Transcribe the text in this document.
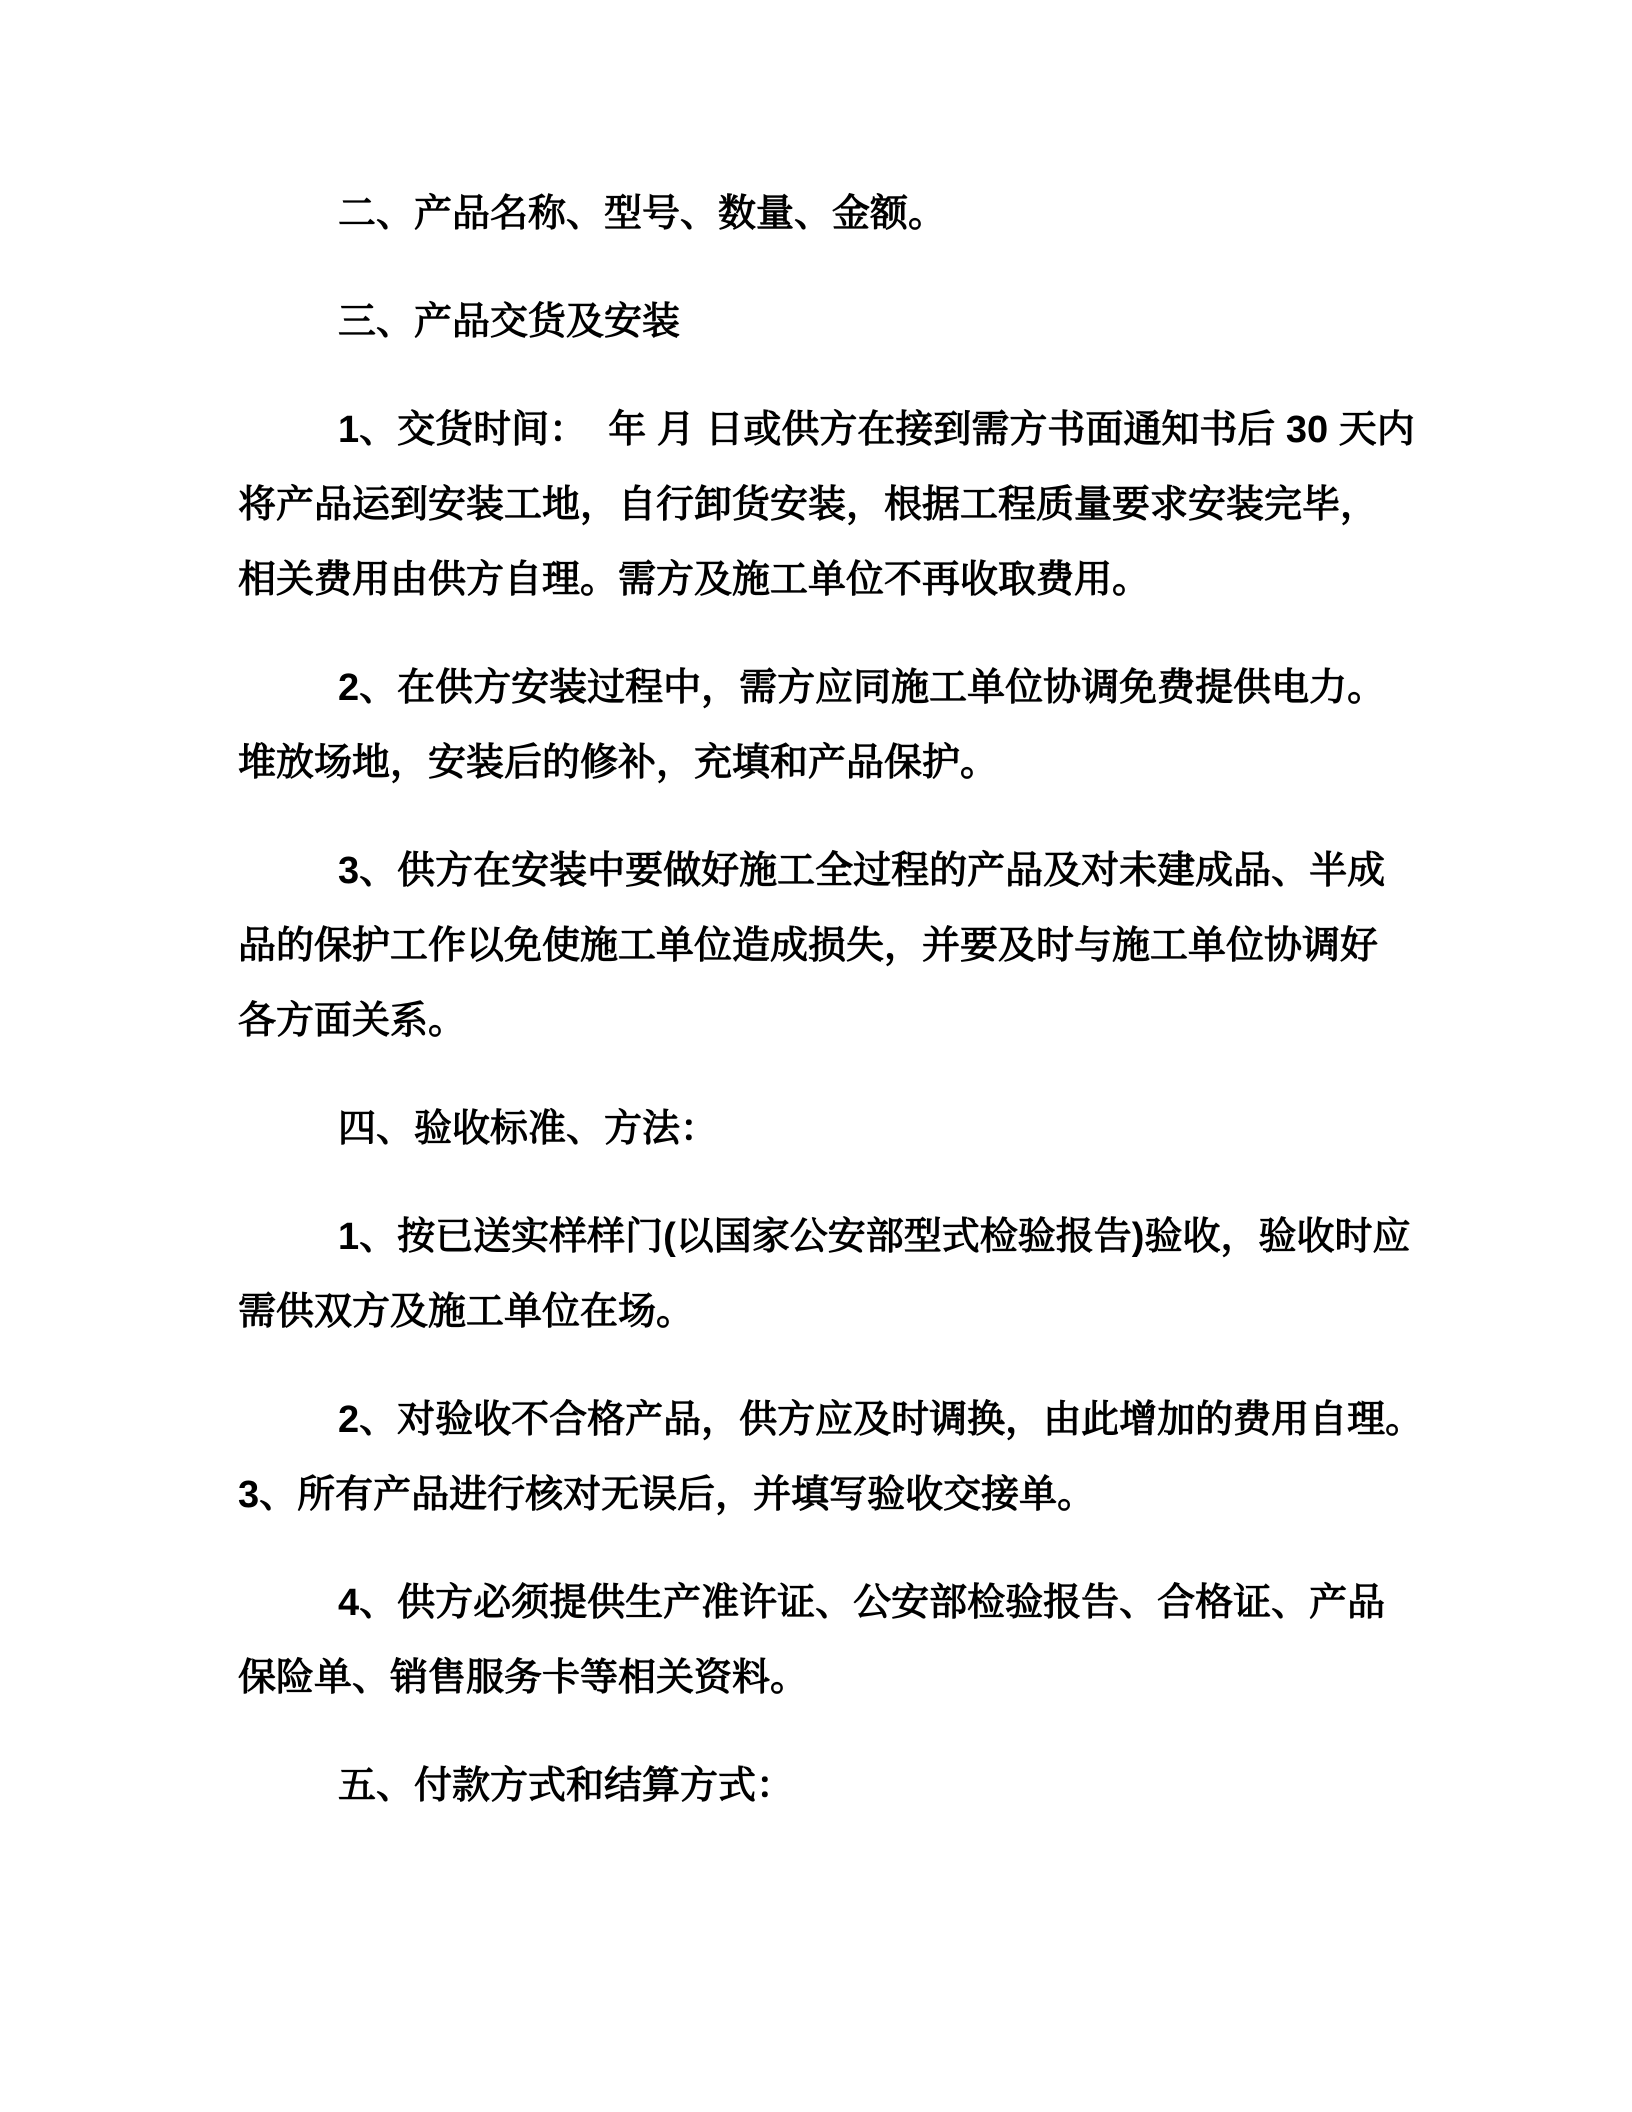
二、产品名称、型号、数量、金额。
三、产品交货及安装
1、交货时间：  年 月 日或供方在接到需方书面通知书后 30 天内
将产品运到安装工地，自行卸货安装，根据工程质量要求安装完毕，
相关费用由供方自理。需方及施工单位不再收取费用。
2、在供方安装过程中，需方应同施工单位协调免费提供电力。
堆放场地，安装后的修补，充填和产品保护。
3、供方在安装中要做好施工全过程的产品及对未建成品、半成
品的保护工作以免使施工单位造成损失，并要及时与施工单位协调好
各方面关系。
四、验收标准、方法：
1、按已送实样样门(以国家公安部型式检验报告)验收，验收时应
需供双方及施工单位在场。
2、对验收不合格产品，供方应及时调换，由此增加的费用自理。
3、所有产品进行核对无误后，并填写验收交接单。
4、供方必须提供生产准许证、公安部检验报告、合格证、产品
保险单、销售服务卡等相关资料。
五、付款方式和结算方式：
